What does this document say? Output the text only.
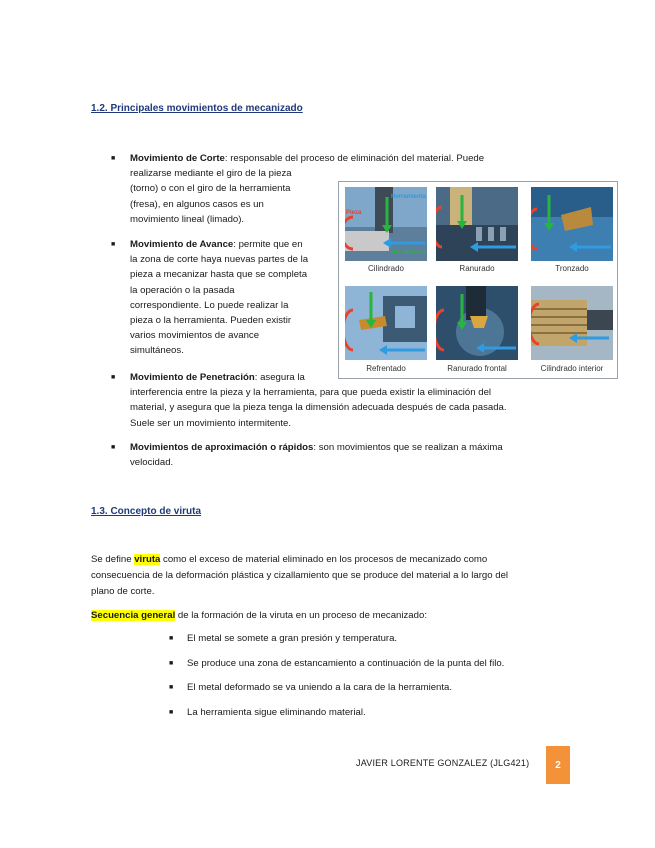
1.2. Principales movimientos de mecanizado
■ Movimiento de Corte: responsable del proceso de eliminación del material. Puede
realizarse mediante el giro de la pieza
(torno) o con el giro de la herramienta
(fresa), en algunos casos es un
movimiento lineal (limado).
■ Movimiento de Avance: permite que en
la zona de corte haya nuevas partes de la
pieza a mecanizar hasta que se completa
la operación o la pasada
correspondiente. Lo puede realizar la
pieza o la herramienta. Pueden existir
varios movimientos de avance
simultáneos.
■ Movimiento de Penetración: asegura la
interferencia entre la pieza y la herramienta, para que pueda existir la eliminación del
material, y asegura que la pieza tenga la dimensión adecuada después de cada pasada.
Suele ser un movimiento intermitente.
■ Movimientos de aproximación o rápidos: son movimientos que se realizan a máxima
velocidad.
Herramienta
Pieza
Herramienta
Cilindrado	Ranurado	Tronzado
Refrentado	Ranurado frontal	Cilindrado interior
1.3. Concepto de viruta
Se define viruta como el exceso de material eliminado en los procesos de mecanizado como
consecuencia de la deformación plástica y cizallamiento que se produce del material a lo largo del
plano de corte.
Secuencia general de la formación de la viruta en un proceso de mecanizado:
■ El metal se somete a gran presión y temperatura.
■ Se produce una zona de estancamiento a continuación de la punta del filo.
■ El metal deformado se va uniendo a la cara de la herramienta.
■ La herramienta sigue eliminando material.
JAVIER LORENTE GONZALEZ (JLG421)	2
